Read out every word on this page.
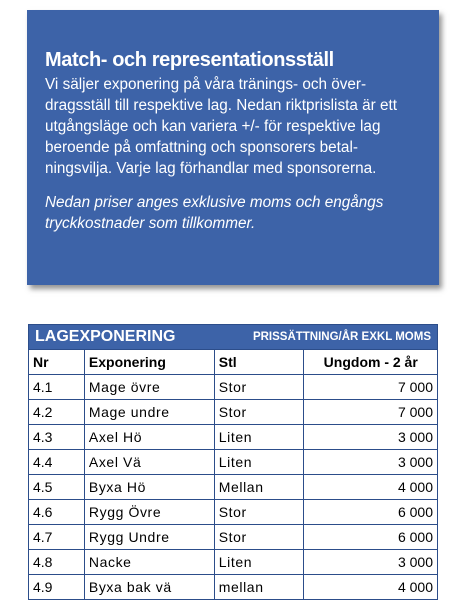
Match- och representationsställ

Vi säljer exponering på våra tränings- och över-dragsställ till respektive lag. Nedan riktprislista är ett utgångsläge och kan variera +/- för respektive lag beroende på omfattning och sponsorers betal-ningsvilja. Varje lag förhandlar med sponsorerna.

Nedan priser anges exklusive moms och engångs tryckkostnader som tillkommer.

LAGEXPONERING		PRISSÄTTNING/ÅR EXKL MOMS	
Nr	Exponering	Stl	Ungdom - 2 år
4.1	Mage övre	Stor	7 000
4.2	Mage undre	Stor	7 000
4.3	Axel Hö	Liten	3 000
4.4	Axel Vä	Liten	3 000
4.5	Byxa Hö	Mellan	4 000
4.6	Rygg Övre	Stor	6 000
4.7	Rygg Undre	Stor	6 000
4.8	Nacke	Liten	3 000
4.9	Byxa bak vä	mellan	4 000
